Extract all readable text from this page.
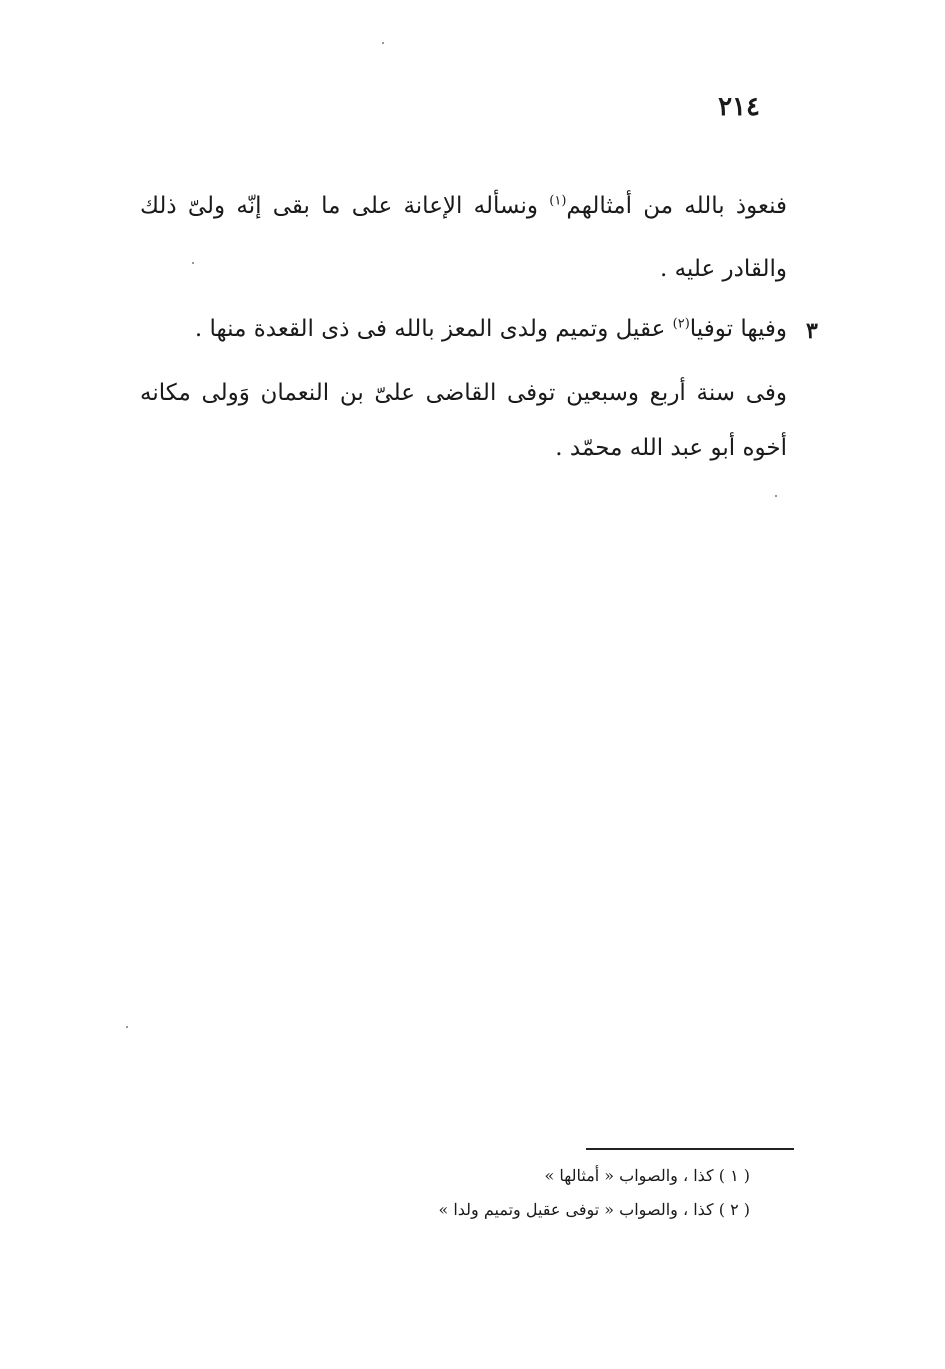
٢١٤
فنعوذ بالله من أمثالهم$^{(١)}$ ونسأله الإعانة على ما بقى إنّه ولىّ ذلك
والقادر عليه .
٣
وفيها توفيا$^{(٢)}$ عقيل وتميم ولدى المعز بالله فى ذى القعدة منها .
وفى سنة أربع وسبعين توفى القاضى علىّ بن النعمان وَولى مكانه
أخوه أبو عبد الله محمّد .
( ١ ) كذا ، والصواب « أمثالها »
( ٢ ) كذا ، والصواب « توفى عقيل وتميم ولدا »
